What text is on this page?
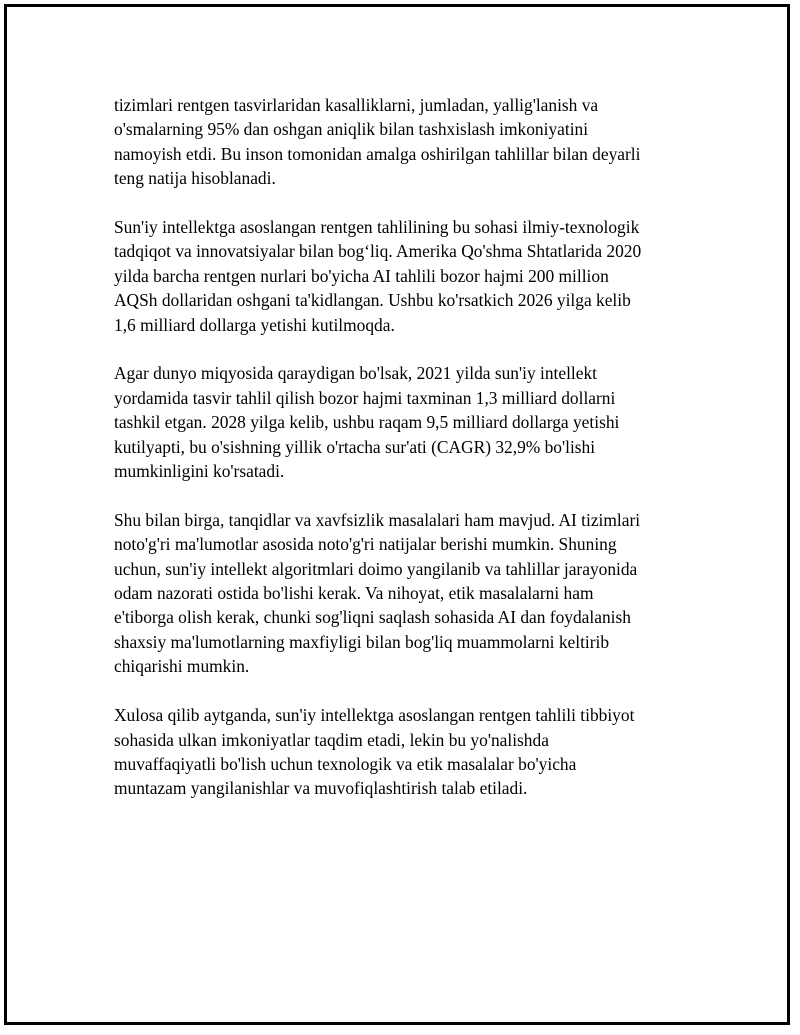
tizimlari rentgen tasvirlaridan kasalliklarni, jumladan, yallig'lanish va
o'smalarning 95% dan oshgan aniqlik bilan tashxislash imkoniyatini
namoyish etdi. Bu inson tomonidan amalga oshirilgan tahlillar bilan deyarli
teng natija hisoblanadi.

Sun'iy intellektga asoslangan rentgen tahlilining bu sohasi ilmiy-texnologik
tadqiqot va innovatsiyalar bilan bog‘liq. Amerika Qo'shma Shtatlarida 2020
yilda barcha rentgen nurlari bo'yicha AI tahlili bozor hajmi 200 million
AQSh dollaridan oshgani ta'kidlangan. Ushbu ko'rsatkich 2026 yilga kelib
1,6 milliard dollarga yetishi kutilmoqda.

Agar dunyo miqyosida qaraydigan bo'lsak, 2021 yilda sun'iy intellekt
yordamida tasvir tahlil qilish bozor hajmi taxminan 1,3 milliard dollarni
tashkil etgan. 2028 yilga kelib, ushbu raqam 9,5 milliard dollarga yetishi
kutilyapti, bu o'sishning yillik o'rtacha sur'ati (CAGR) 32,9% bo'lishi
mumkinligini ko'rsatadi.

Shu bilan birga, tanqidlar va xavfsizlik masalalari ham mavjud. AI tizimlari
noto'g'ri ma'lumotlar asosida noto'g'ri natijalar berishi mumkin. Shuning
uchun, sun'iy intellekt algoritmlari doimo yangilanib va tahlillar jarayonida
odam nazorati ostida bo'lishi kerak. Va nihoyat, etik masalalarni ham
e'tiborga olish kerak, chunki sog'liqni saqlash sohasida AI dan foydalanish
shaxsiy ma'lumotlarning maxfiyligi bilan bog'liq muammolarni keltirib
chiqarishi mumkin.

Xulosa qilib aytganda, sun'iy intellektga asoslangan rentgen tahlili tibbiyot
sohasida ulkan imkoniyatlar taqdim etadi, lekin bu yo'nalishda
muvaffaqiyatli bo'lish uchun texnologik va etik masalalar bo'yicha
muntazam yangilanishlar va muvofiqlashtirish talab etiladi.
